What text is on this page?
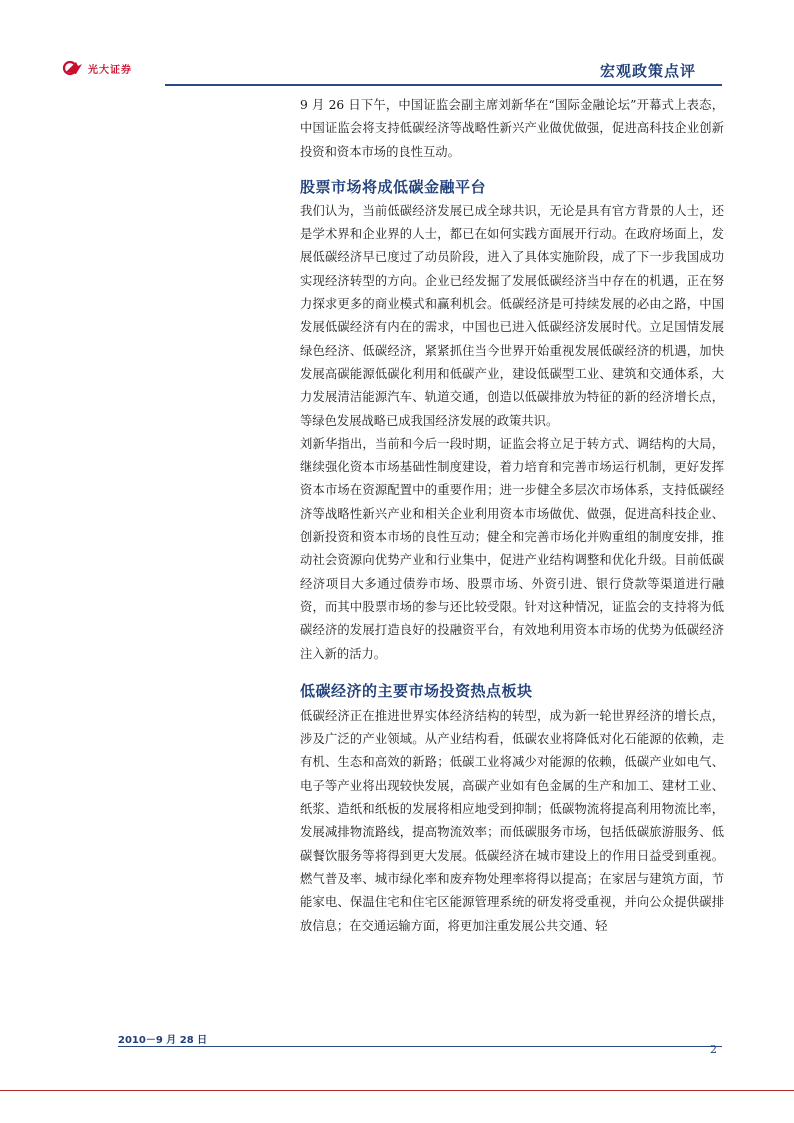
光大证券	宏观政策点评

9 月 26 日下午，中国证监会副主席刘新华在“国际金融论坛”开幕式上表态，中国证监会将支持低碳经济等战略性新兴产业做优做强，促进高科技企业创新投资和资本市场的良性互动。

股票市场将成低碳金融平台

我们认为，当前低碳经济发展已成全球共识，无论是具有官方背景的人士，还是学术界和企业界的人士，都已在如何实践方面展开行动。在政府场面上，发展低碳经济早已度过了动员阶段，进入了具体实施阶段，成了下一步我国成功实现经济转型的方向。企业已经发掘了发展低碳经济当中存在的机遇，正在努力探求更多的商业模式和赢利机会。低碳经济是可持续发展的必由之路，中国发展低碳经济有内在的需求，中国也已进入低碳经济发展时代。立足国情发展绿色经济、低碳经济，紧紧抓住当今世界开始重视发展低碳经济的机遇，加快发展高碳能源低碳化利用和低碳产业，建设低碳型工业、建筑和交通体系，大力发展清洁能源汽车、轨道交通，创造以低碳排放为特征的新的经济增长点，等绿色发展战略已成我国经济发展的政策共识。

刘新华指出，当前和今后一段时期，证监会将立足于转方式、调结构的大局，继续强化资本市场基础性制度建设，着力培育和完善市场运行机制，更好发挥资本市场在资源配置中的重要作用；进一步健全多层次市场体系，支持低碳经济等战略性新兴产业和相关企业利用资本市场做优、做强，促进高科技企业、创新投资和资本市场的良性互动；健全和完善市场化并购重组的制度安排，推动社会资源向优势产业和行业集中，促进产业结构调整和优化升级。目前低碳经济项目大多通过债券市场、股票市场、外资引进、银行贷款等渠道进行融资，而其中股票市场的参与还比较受限。针对这种情况，证监会的支持将为低碳经济的发展打造良好的投融资平台，有效地利用资本市场的优势为低碳经济注入新的活力。

低碳经济的主要市场投资热点板块

低碳经济正在推进世界实体经济结构的转型，成为新一轮世界经济的增长点，涉及广泛的产业领域。从产业结构看，低碳农业将降低对化石能源的依赖，走有机、生态和高效的新路；低碳工业将减少对能源的依赖，低碳产业如电气、电子等产业将出现较快发展，高碳产业如有色金属的生产和加工、建材工业、纸浆、造纸和纸板的发展将相应地受到抑制；低碳物流将提高利用物流比率，发展减排物流路线，提高物流效率；而低碳服务市场，包括低碳旅游服务、低碳餐饮服务等将得到更大发展。低碳经济在城市建设上的作用日益受到重视。燃气普及率、城市绿化率和废弃物处理率将得以提高；在家居与建筑方面，节能家电、保温住宅和住宅区能源管理系统的研发将受重视，并向公众提供碳排放信息；在交通运输方面，将更加注重发展公共交通、轻

2010－9 月 28 日
2
